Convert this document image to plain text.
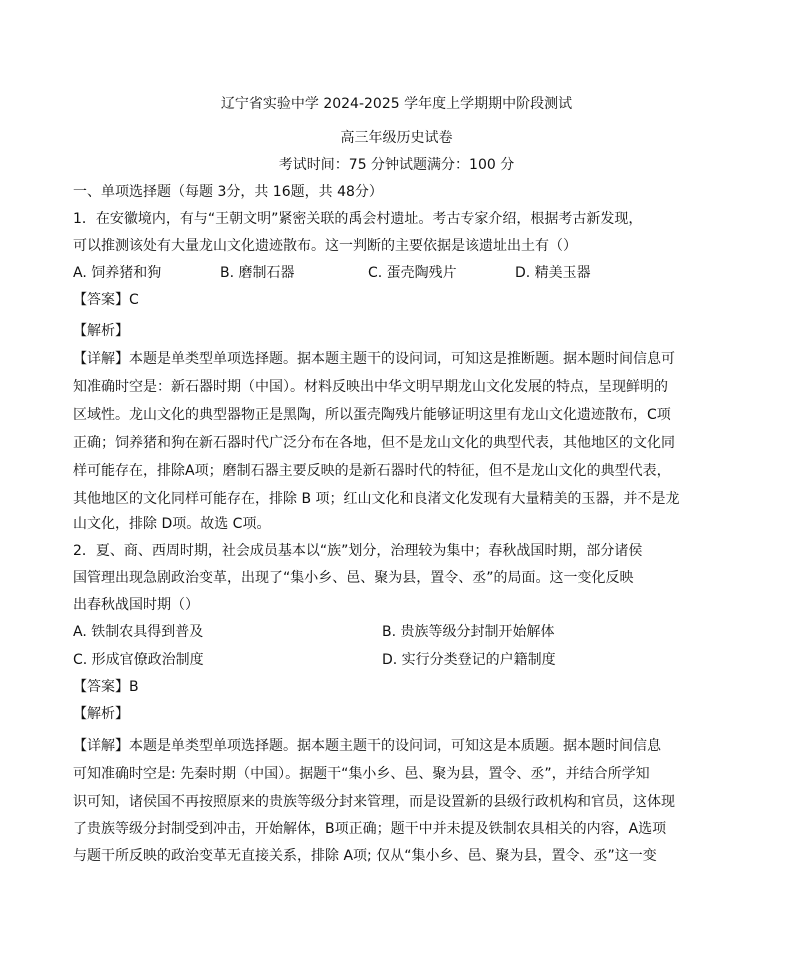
辽宁省实验中学 2024-2025 学年度上学期期中阶段测试
高三年级历史试卷
考试时间：75 分钟试题满分：100 分
一、单项选择题（每题 3分，共 16题，共 48分）
1．在安徽境内，有与“王朝文明”紧密关联的禹会村遗址。考古专家介绍，根据考古新发现，
可以推测该处有大量龙山文化遗迹散布。这一判断的主要依据是该遗址出土有（）
A. 饲养猪和狗	B. 磨制石器	C. 蛋壳陶残片	D. 精美玉器
【答案】C
【解析】
【详解】本题是单类型单项选择题。据本题主题干的设问词，可知这是推断题。据本题时间信息可
知准确时空是：新石器时期（中国）。材料反映出中华文明早期龙山文化发展的特点，呈现鲜明的
区域性。龙山文化的典型器物正是黑陶，所以蛋壳陶残片能够证明这里有龙山文化遗迹散布，C项
正确；饲养猪和狗在新石器时代广泛分布在各地，但不是龙山文化的典型代表，其他地区的文化同
样可能存在，排除A项；磨制石器主要反映的是新石器时代的特征，但不是龙山文化的典型代表，
其他地区的文化同样可能存在，排除 B 项；红山文化和良渚文化发现有大量精美的玉器，并不是龙
山文化，排除 D项。故选 C项。
2．夏、商、西周时期，社会成员基本以“族”划分，治理较为集中；春秋战国时期，部分诸侯
国管理出现急剧政治变革，出现了“集小乡、邑、聚为县，置令、丞”的局面。这一变化反映
出春秋战国时期（）
A. 铁制农具得到普及	B. 贵族等级分封制开始解体
C. 形成官僚政治制度	D. 实行分类登记的户籍制度
【答案】B
【解析】
【详解】本题是单类型单项选择题。据本题主题干的设问词，可知这是本质题。据本题时间信息
可知准确时空是: 先秦时期（中国）。据题干“集小乡、邑、聚为县，置令、丞”，并结合所学知
识可知，诸侯国不再按照原来的贵族等级分封来管理，而是设置新的县级行政机构和官员，这体现
了贵族等级分封制受到冲击，开始解体，B项正确；题干中并未提及铁制农具相关的内容，A选项
与题干所反映的政治变革无直接关系，排除 A项; 仅从“集小乡、邑、聚为县，置令、丞”这一变
